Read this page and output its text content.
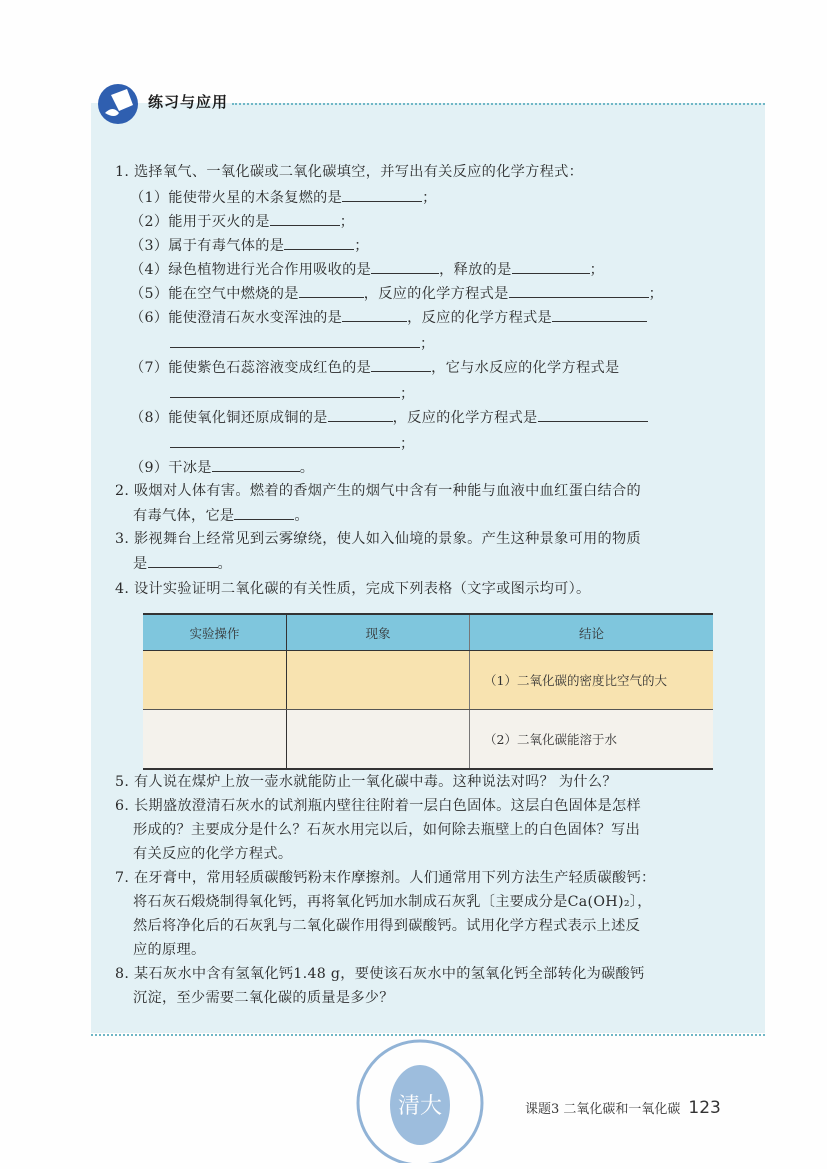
练习与应用
1. 选择氧气、一氧化碳或二氧化碳填空，并写出有关反应的化学方程式：
（1）能使带火星的木条复燃的是	；
（2）能用于灭火的是	；
（3）属于有毒气体的是	；
（4）绿色植物进行光合作用吸收的是	，释放的是	；
（5）能在空气中燃烧的是	，反应的化学方程式是	；
（6）能使澄清石灰水变浑浊的是	，反应的化学方程式是
；
（7）能使紫色石蕊溶液变成红色的是	，它与水反应的化学方程式是
；
（8）能使氧化铜还原成铜的是	，反应的化学方程式是
；
（9）干冰是	。
2. 吸烟对人体有害。燃着的香烟产生的烟气中含有一种能与血液中血红蛋白结合的
有毒气体，它是	。
3. 影视舞台上经常见到云雾缭绕，使人如入仙境的景象。产生这种景象可用的物质
是	。
4. 设计实验证明二氧化碳的有关性质，完成下列表格（文字或图示均可）。
实验操作	现象	结论
		（1）二氧化碳的密度比空气的大
		（2）二氧化碳能溶于水
5. 有人说在煤炉上放一壶水就能防止一氧化碳中毒。这种说法对吗？ 为什么？
6. 长期盛放澄清石灰水的试剂瓶内壁往往附着一层白色固体。这层白色固体是怎样
形成的？主要成分是什么？石灰水用完以后，如何除去瓶壁上的白色固体？写出
有关反应的化学方程式。
7. 在牙膏中，常用轻质碳酸钙粉末作摩擦剂。人们通常用下列方法生产轻质碳酸钙：
将石灰石煅烧制得氧化钙，再将氧化钙加水制成石灰乳〔主要成分是Ca(OH)₂〕，
然后将净化后的石灰乳与二氧化碳作用得到碳酸钙。试用化学方程式表示上述反
应的原理。
8. 某石灰水中含有氢氧化钙1.48 g，要使该石灰水中的氢氧化钙全部转化为碳酸钙
沉淀，至少需要二氧化碳的质量是多少？
清大	课题3 二氧化碳和一氧化碳 123
